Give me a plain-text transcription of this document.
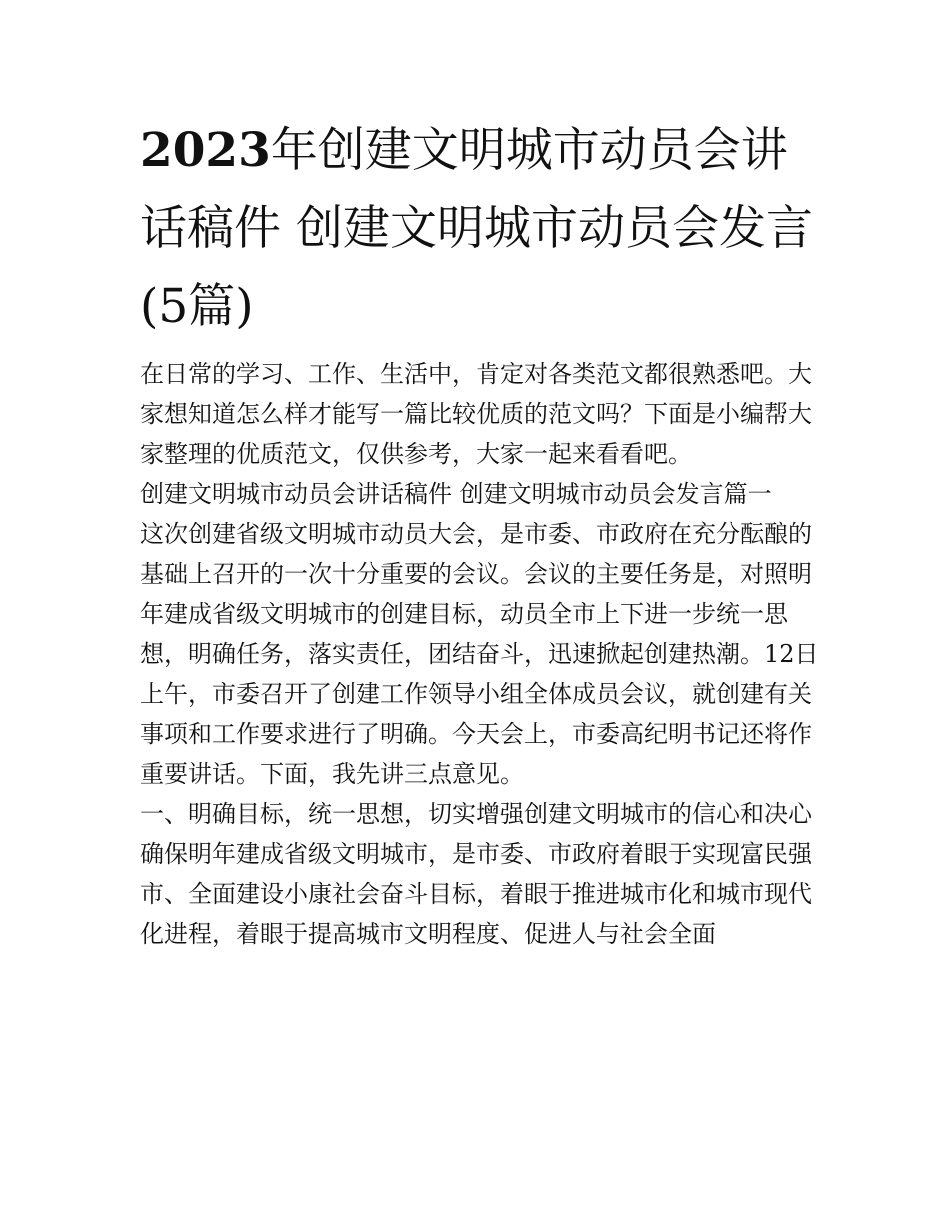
2023年创建文明城市动员会讲话稿件 创建文明城市动员会发言(5篇)

在日常的学习、工作、生活中，肯定对各类范文都很熟悉吧。大家想知道怎么样才能写一篇比较优质的范文吗？下面是小编帮大家整理的优质范文，仅供参考，大家一起来看看吧。

创建文明城市动员会讲话稿件 创建文明城市动员会发言篇一

这次创建省级文明城市动员大会，是市委、市政府在充分酝酿的基础上召开的一次十分重要的会议。会议的主要任务是，对照明年建成省级文明城市的创建目标，动员全市上下进一步统一思想，明确任务，落实责任，团结奋斗，迅速掀起创建热潮。12日上午，市委召开了创建工作领导小组全体成员会议，就创建有关事项和工作要求进行了明确。今天会上，市委高纪明书记还将作重要讲话。下面，我先讲三点意见。

一、明确目标，统一思想，切实增强创建文明城市的信心和决心确保明年建成省级文明城市，是市委、市政府着眼于实现富民强市、全面建设小康社会奋斗目标，着眼于推进城市化和城市现代化进程，着眼于提高城市文明程度、促进人与社会全面
